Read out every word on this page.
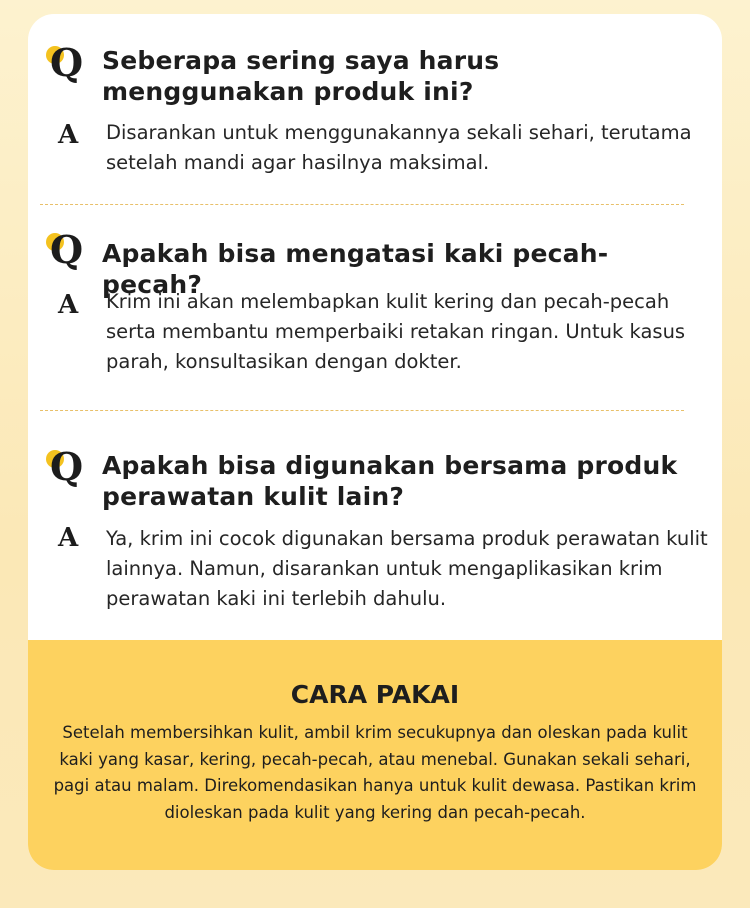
Q Seberapa sering saya harus menggunakan produk ini?
A Disarankan untuk menggunakannya sekali sehari, terutama setelah mandi agar hasilnya maksimal.
Q Apakah bisa mengatasi kaki pecah-pecah?
A Krim ini akan melembapkan kulit kering dan pecah-pecah serta membantu memperbaiki retakan ringan. Untuk kasus parah, konsultasikan dengan dokter.
Q Apakah bisa digunakan bersama produk perawatan kulit lain?
A Ya, krim ini cocok digunakan bersama produk perawatan kulit lainnya. Namun, disarankan untuk mengaplikasikan krim perawatan kaki ini terlebih dahulu.
CARA PAKAI
Setelah membersihkan kulit, ambil krim secukupnya dan oleskan pada kulit kaki yang kasar, kering, pecah-pecah, atau menebal. Gunakan sekali sehari, pagi atau malam. Direkomendasikan hanya untuk kulit dewasa. Pastikan krim dioleskan pada kulit yang kering dan pecah-pecah.
